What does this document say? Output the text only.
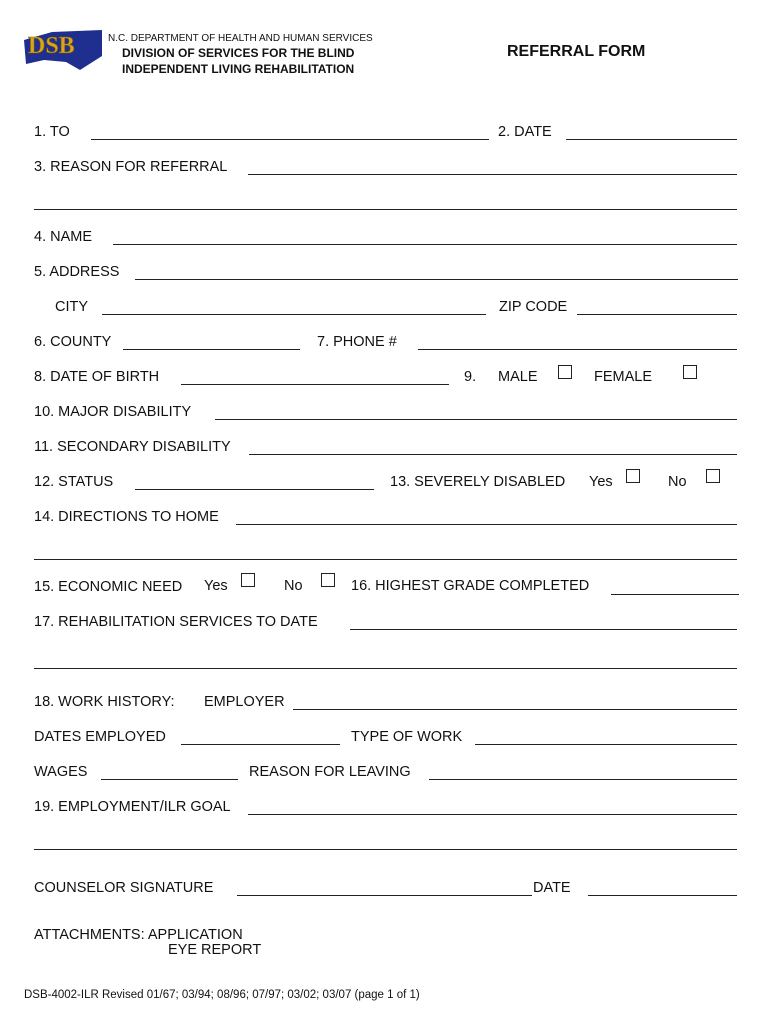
DSB	N.C. DEPARTMENT OF HEALTH AND HUMAN SERVICES
DIVISION OF SERVICES FOR THE BLIND
INDEPENDENT LIVING REHABILITATION
REFERRAL FORM
1. TO	2. DATE
3. REASON FOR REFERRAL
4. NAME
5. ADDRESS
CITY	ZIP CODE
6. COUNTY	7. PHONE #
8. DATE OF BIRTH	9. MALE	FEMALE
10. MAJOR DISABILITY
11. SECONDARY DISABILITY
12. STATUS	13. SEVERELY DISABLED Yes	No
14. DIRECTIONS TO HOME
15. ECONOMIC NEED Yes	No	16. HIGHEST GRADE COMPLETED
17. REHABILITATION SERVICES TO DATE
18. WORK HISTORY: EMPLOYER
DATES EMPLOYED	TYPE OF WORK
WAGES	REASON FOR LEAVING
19. EMPLOYMENT/ILR GOAL
COUNSELOR SIGNATURE	DATE
ATTACHMENTS: APPLICATION
EYE REPORT
DSB-4002-ILR Revised 01/67; 03/94; 08/96; 07/97; 03/02; 03/07 (page 1 of 1)
